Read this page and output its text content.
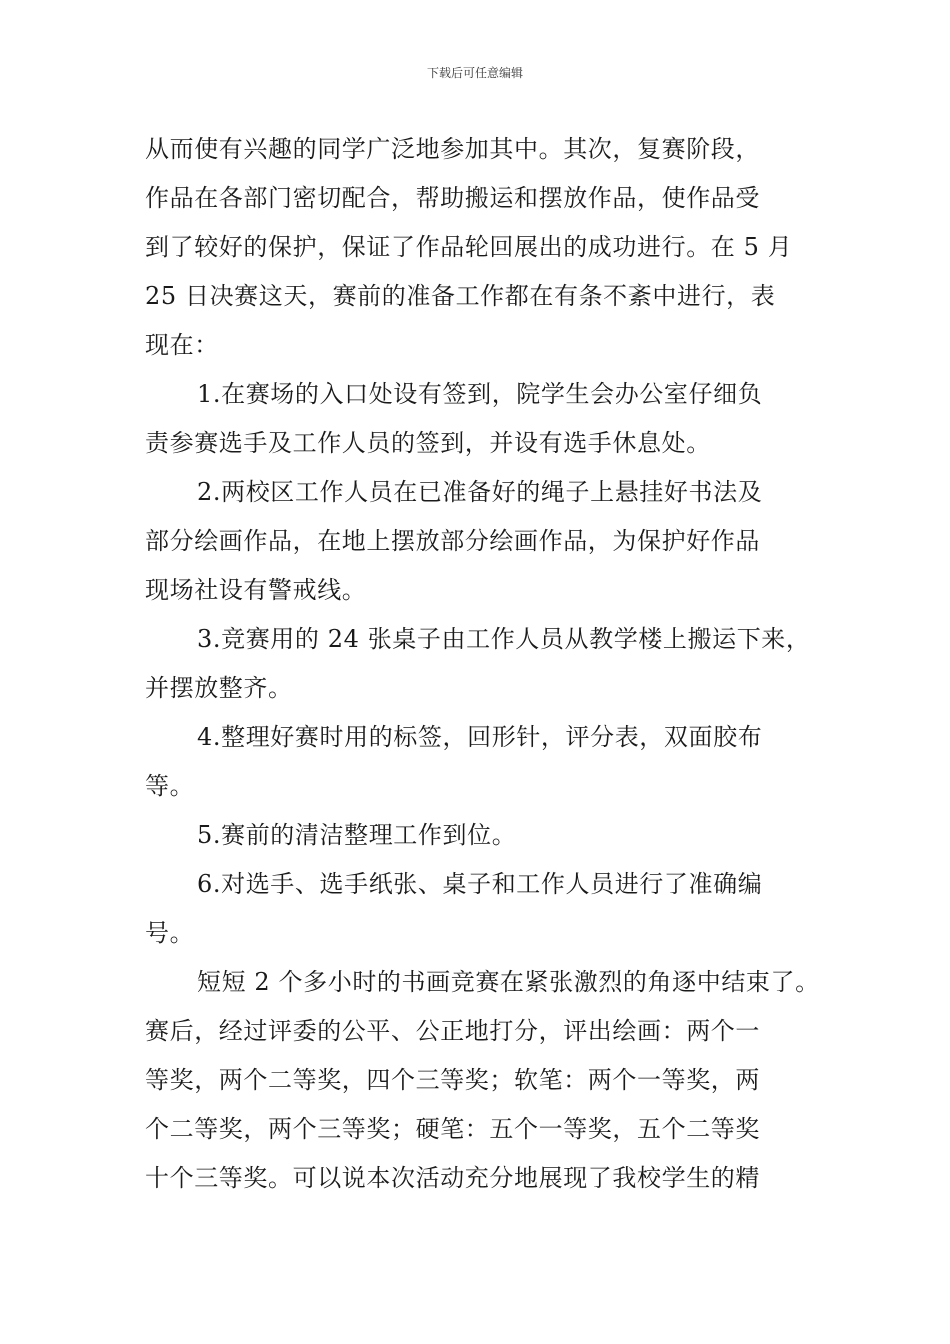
下载后可任意编辑
从而使有兴趣的同学广泛地参加其中。其次，复赛阶段，
作品在各部门密切配合，帮助搬运和摆放作品，使作品受
到了较好的保护，保证了作品轮回展出的成功进行。在 5 月
25 日决赛这天，赛前的准备工作都在有条不紊中进行，表
现在：
1.在赛场的入口处设有签到，院学生会办公室仔细负
责参赛选手及工作人员的签到，并设有选手休息处。
2.两校区工作人员在已准备好的绳子上悬挂好书法及
部分绘画作品，在地上摆放部分绘画作品，为保护好作品
现场社设有警戒线。
3.竞赛用的 24 张桌子由工作人员从教学楼上搬运下来，
并摆放整齐。
4.整理好赛时用的标签，回形针，评分表，双面胶布
等。
5.赛前的清洁整理工作到位。
6.对选手、选手纸张、桌子和工作人员进行了准确编
号。
短短 2 个多小时的书画竞赛在紧张激烈的角逐中结束了。
赛后，经过评委的公平、公正地打分，评出绘画：两个一
等奖，两个二等奖，四个三等奖；软笔：两个一等奖，两
个二等奖，两个三等奖；硬笔：五个一等奖，五个二等奖
十个三等奖。可以说本次活动充分地展现了我校学生的精
